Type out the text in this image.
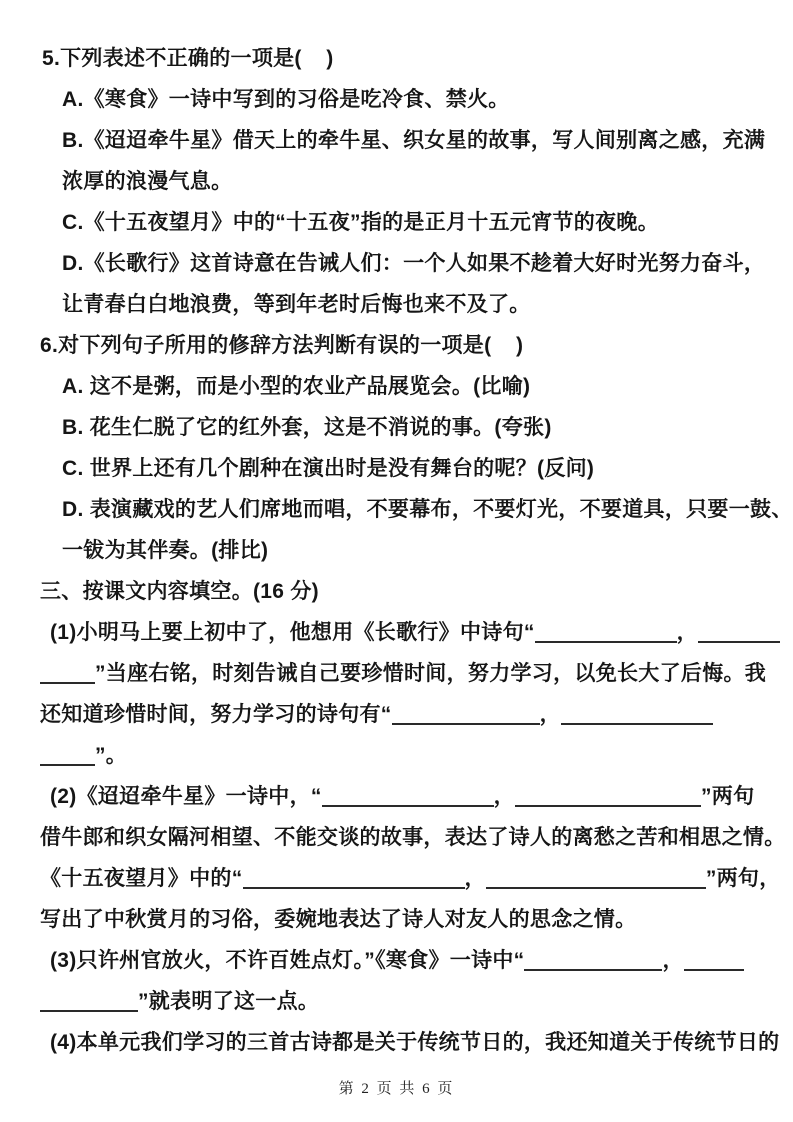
5.下列表述不正确的一项是(    )
A.《寒食》一诗中写到的习俗是吃冷食、禁火。
B.《迢迢牵牛星》借天上的牵牛星、织女星的故事，写人间别离之感，充满
浓厚的浪漫气息。
C.《十五夜望月》中的“十五夜”指的是正月十五元宵节的夜晚。
D.《长歌行》这首诗意在告诫人们：一个人如果不趁着大好时光努力奋斗，
让青春白白地浪费，等到年老时后悔也来不及了。
6.对下列句子所用的修辞方法判断有误的一项是(    )
A. 这不是粥，而是小型的农业产品展览会。(比喻)
B. 花生仁脱了它的红外套，这是不消说的事。(夸张)
C. 世界上还有几个剧种在演出时是没有舞台的呢？(反问)
D. 表演藏戏的艺人们席地而唱，不要幕布，不要灯光，不要道具，只要一鼓、
一钹为其伴奏。(排比)
三、按课文内容填空。(16 分)
(1)小明马上要上初中了，他想用《长歌行》中诗句“	，
”当座右铭，时刻告诫自己要珍惜时间，努力学习，以免长大了后悔。我
还知道珍惜时间，努力学习的诗句有“	，
”。
(2)《迢迢牵牛星》一诗中，“	，	”两句
借牛郎和织女隔河相望、不能交谈的故事，表达了诗人的离愁之苦和相思之情。
《十五夜望月》中的“	，	”两句，
写出了中秋赏月的习俗，委婉地表达了诗人对友人的思念之情。
(3)只许州官放火，不许百姓点灯。”《寒食》一诗中“	，
”就表明了这一点。
(4)本单元我们学习的三首古诗都是关于传统节日的，我还知道关于传统节日的
第 2 页 共 6 页
